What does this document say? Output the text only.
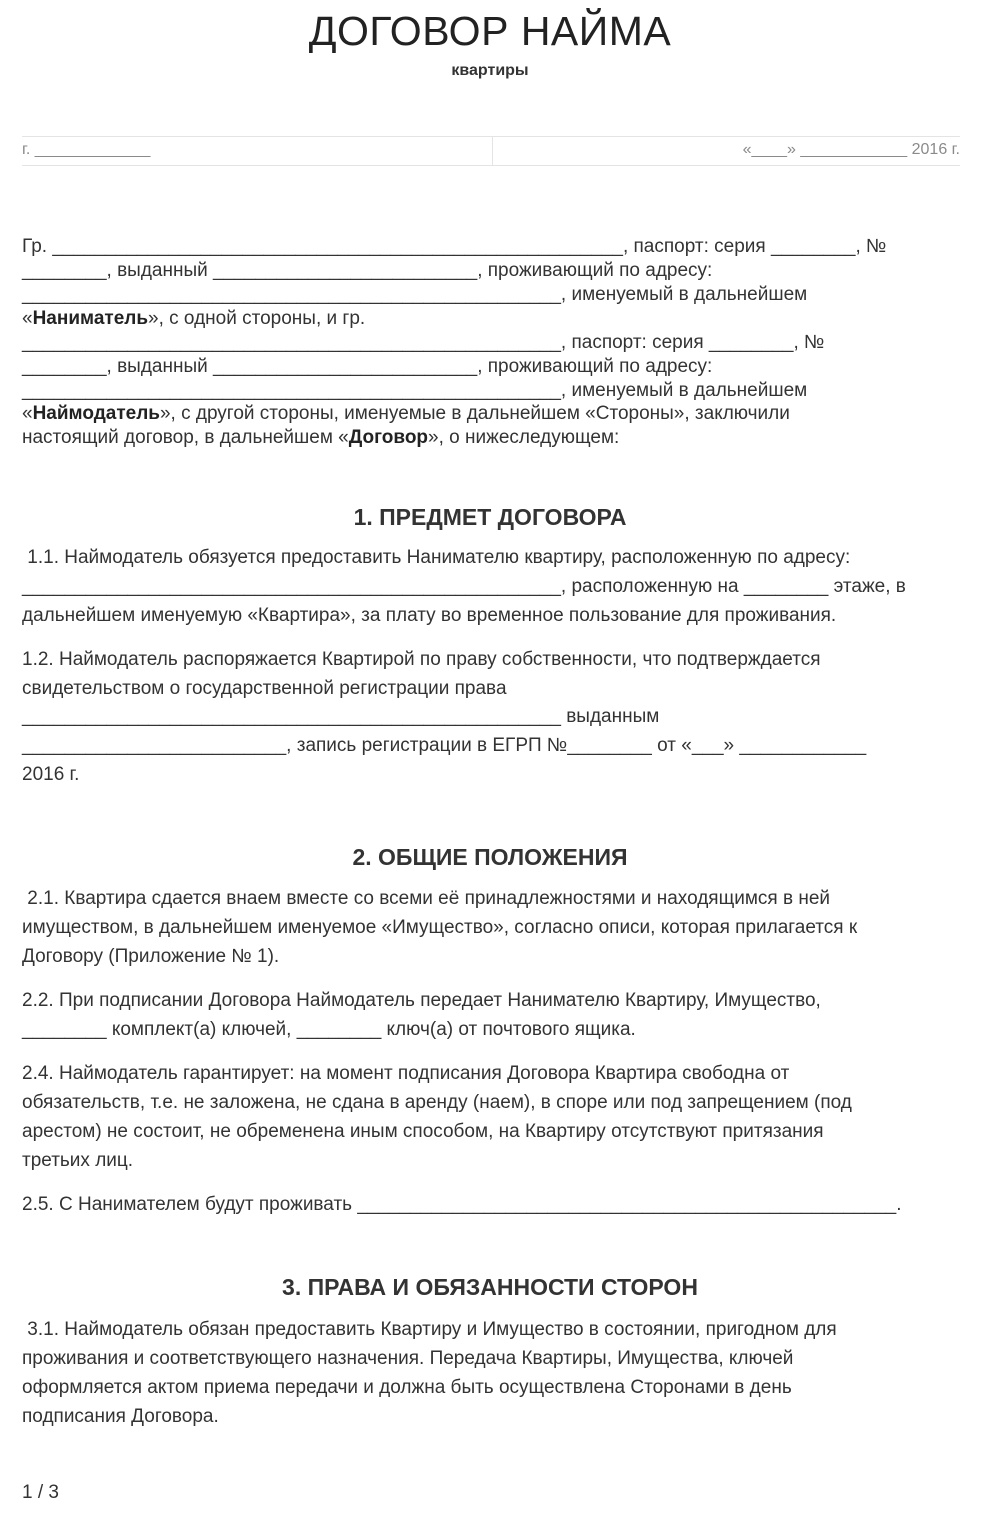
ДОГОВОР НАЙМА
квартиры
г. _____________	«____» ____________ 2016 г.
Гр. ______________________________________________________, паспорт: серия ________, №
________, выданный _________________________, проживающий по адресу:
___________________________________________________, именуемый в дальнейшем
«Наниматель», с одной стороны, и гр.
___________________________________________________, паспорт: серия ________, №
________, выданный _________________________, проживающий по адресу:
___________________________________________________, именуемый в дальнейшем
«Наймодатель», с другой стороны, именуемые в дальнейшем «Стороны», заключили
настоящий договор, в дальнейшем «Договор», о нижеследующем:
1. ПРЕДМЕТ ДОГОВОРА
1.1. Наймодатель обязуется предоставить Нанимателю квартиру, расположенную по адресу:
___________________________________________________, расположенную на ________ этаже, в
дальнейшем именуемую «Квартира», за плату во временное пользование для проживания.
1.2. Наймодатель распоряжается Квартирой по праву собственности, что подтверждается
свидетельством о государственной регистрации права
___________________________________________________ выданным
_________________________, запись регистрации в ЕГРП №________ от «___» ____________
2016 г.
2. ОБЩИЕ ПОЛОЖЕНИЯ
2.1. Квартира сдается внаем вместе со всеми её принадлежностями и находящимся в ней
имуществом, в дальнейшем именуемое «Имущество», согласно описи, которая прилагается к
Договору (Приложение № 1).
2.2. При подписании Договора Наймодатель передает Нанимателю Квартиру, Имущество,
________ комплект(а) ключей, ________ ключ(а) от почтового ящика.
2.4. Наймодатель гарантирует: на момент подписания Договора Квартира свободна от
обязательств, т.е. не заложена, не сдана в аренду (наем), в споре или под запрещением (под
арестом) не состоит, не обременена иным способом, на Квартиру отсутствуют притязания
третьих лиц.
2.5. С Нанимателем будут проживать ___________________________________________________.
3. ПРАВА И ОБЯЗАННОСТИ СТОРОН
3.1. Наймодатель обязан предоставить Квартиру и Имущество в состоянии, пригодном для
проживания и соответствующего назначения. Передача Квартиры, Имущества, ключей
оформляется актом приема передачи и должна быть осуществлена Сторонами в день
подписания Договора.
1 / 3
